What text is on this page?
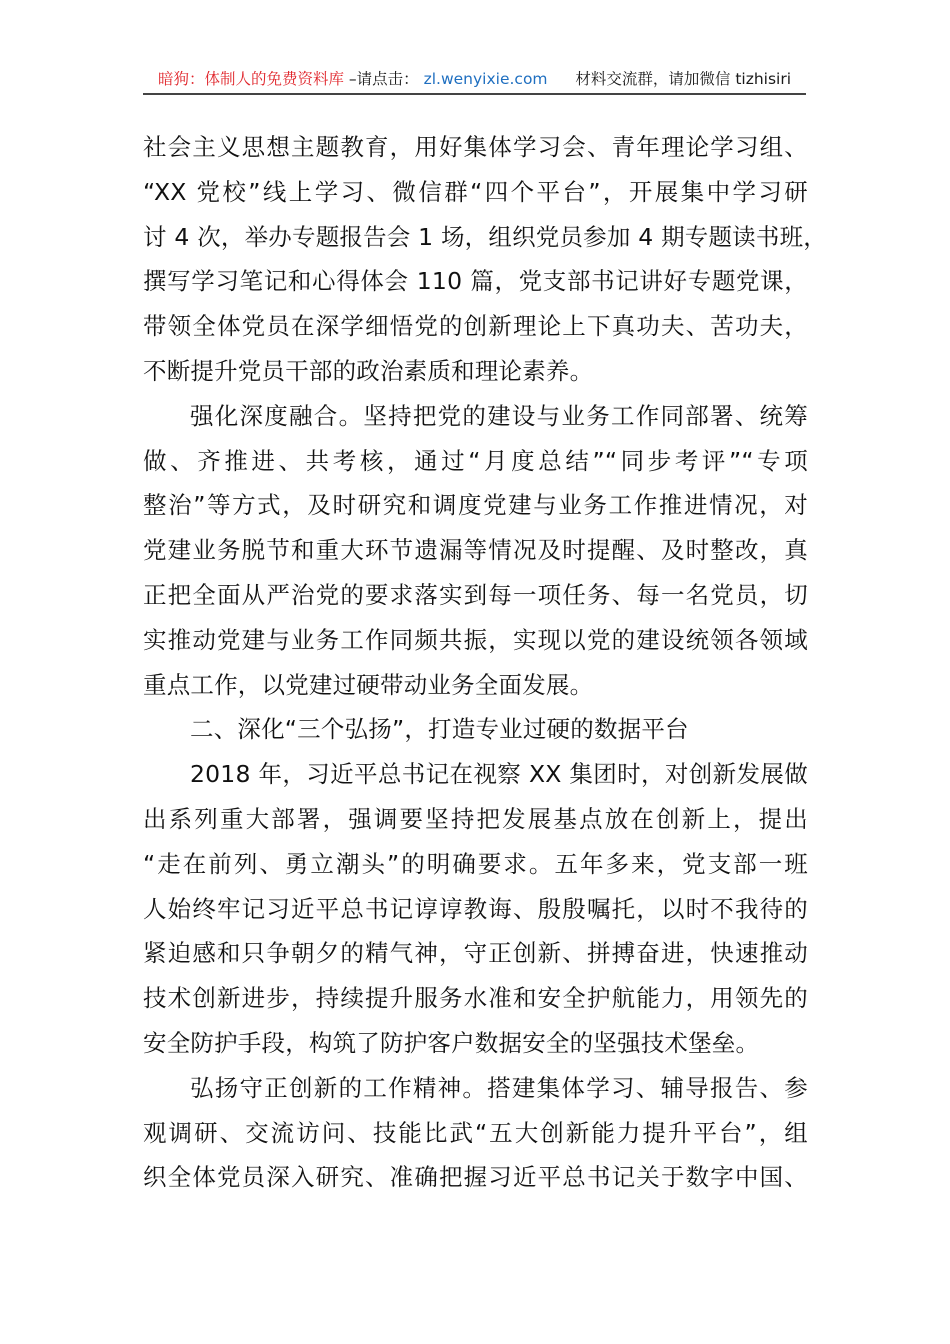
暗狗：体制人的免费资料库 –请点击： zl.wenyixie.com 材料交流群，请加微信 tizhisiri
社会主义思想主题教育，用好集体学习会、青年理论学习组、
“XX 党校”线上学习、微信群“四个平台”，开展集中学习研
讨 4 次，举办专题报告会 1 场，组织党员参加 4 期专题读书班，
撰写学习笔记和心得体会 110 篇，党支部书记讲好专题党课，
带领全体党员在深学细悟党的创新理论上下真功夫、苦功夫，
不断提升党员干部的政治素质和理论素养。
强化深度融合。坚持把党的建设与业务工作同部署、统筹
做、齐推进、共考核，通过“月度总结”“同步考评”“专项
整治”等方式，及时研究和调度党建与业务工作推进情况，对
党建业务脱节和重大环节遗漏等情况及时提醒、及时整改，真
正把全面从严治党的要求落实到每一项任务、每一名党员，切
实推动党建与业务工作同频共振，实现以党的建设统领各领域
重点工作，以党建过硬带动业务全面发展。
二、深化“三个弘扬”，打造专业过硬的数据平台
2018 年，习近平总书记在视察 XX 集团时，对创新发展做
出系列重大部署，强调要坚持把发展基点放在创新上，提出
“走在前列、勇立潮头”的明确要求。五年多来，党支部一班
人始终牢记习近平总书记谆谆教诲、殷殷嘱托，以时不我待的
紧迫感和只争朝夕的精气神，守正创新、拼搏奋进，快速推动
技术创新进步，持续提升服务水准和安全护航能力，用领先的
安全防护手段，构筑了防护客户数据安全的坚强技术堡垒。
弘扬守正创新的工作精神。搭建集体学习、辅导报告、参
观调研、交流访问、技能比武“五大创新能力提升平台”，组
织全体党员深入研究、准确把握习近平总书记关于数字中国、
